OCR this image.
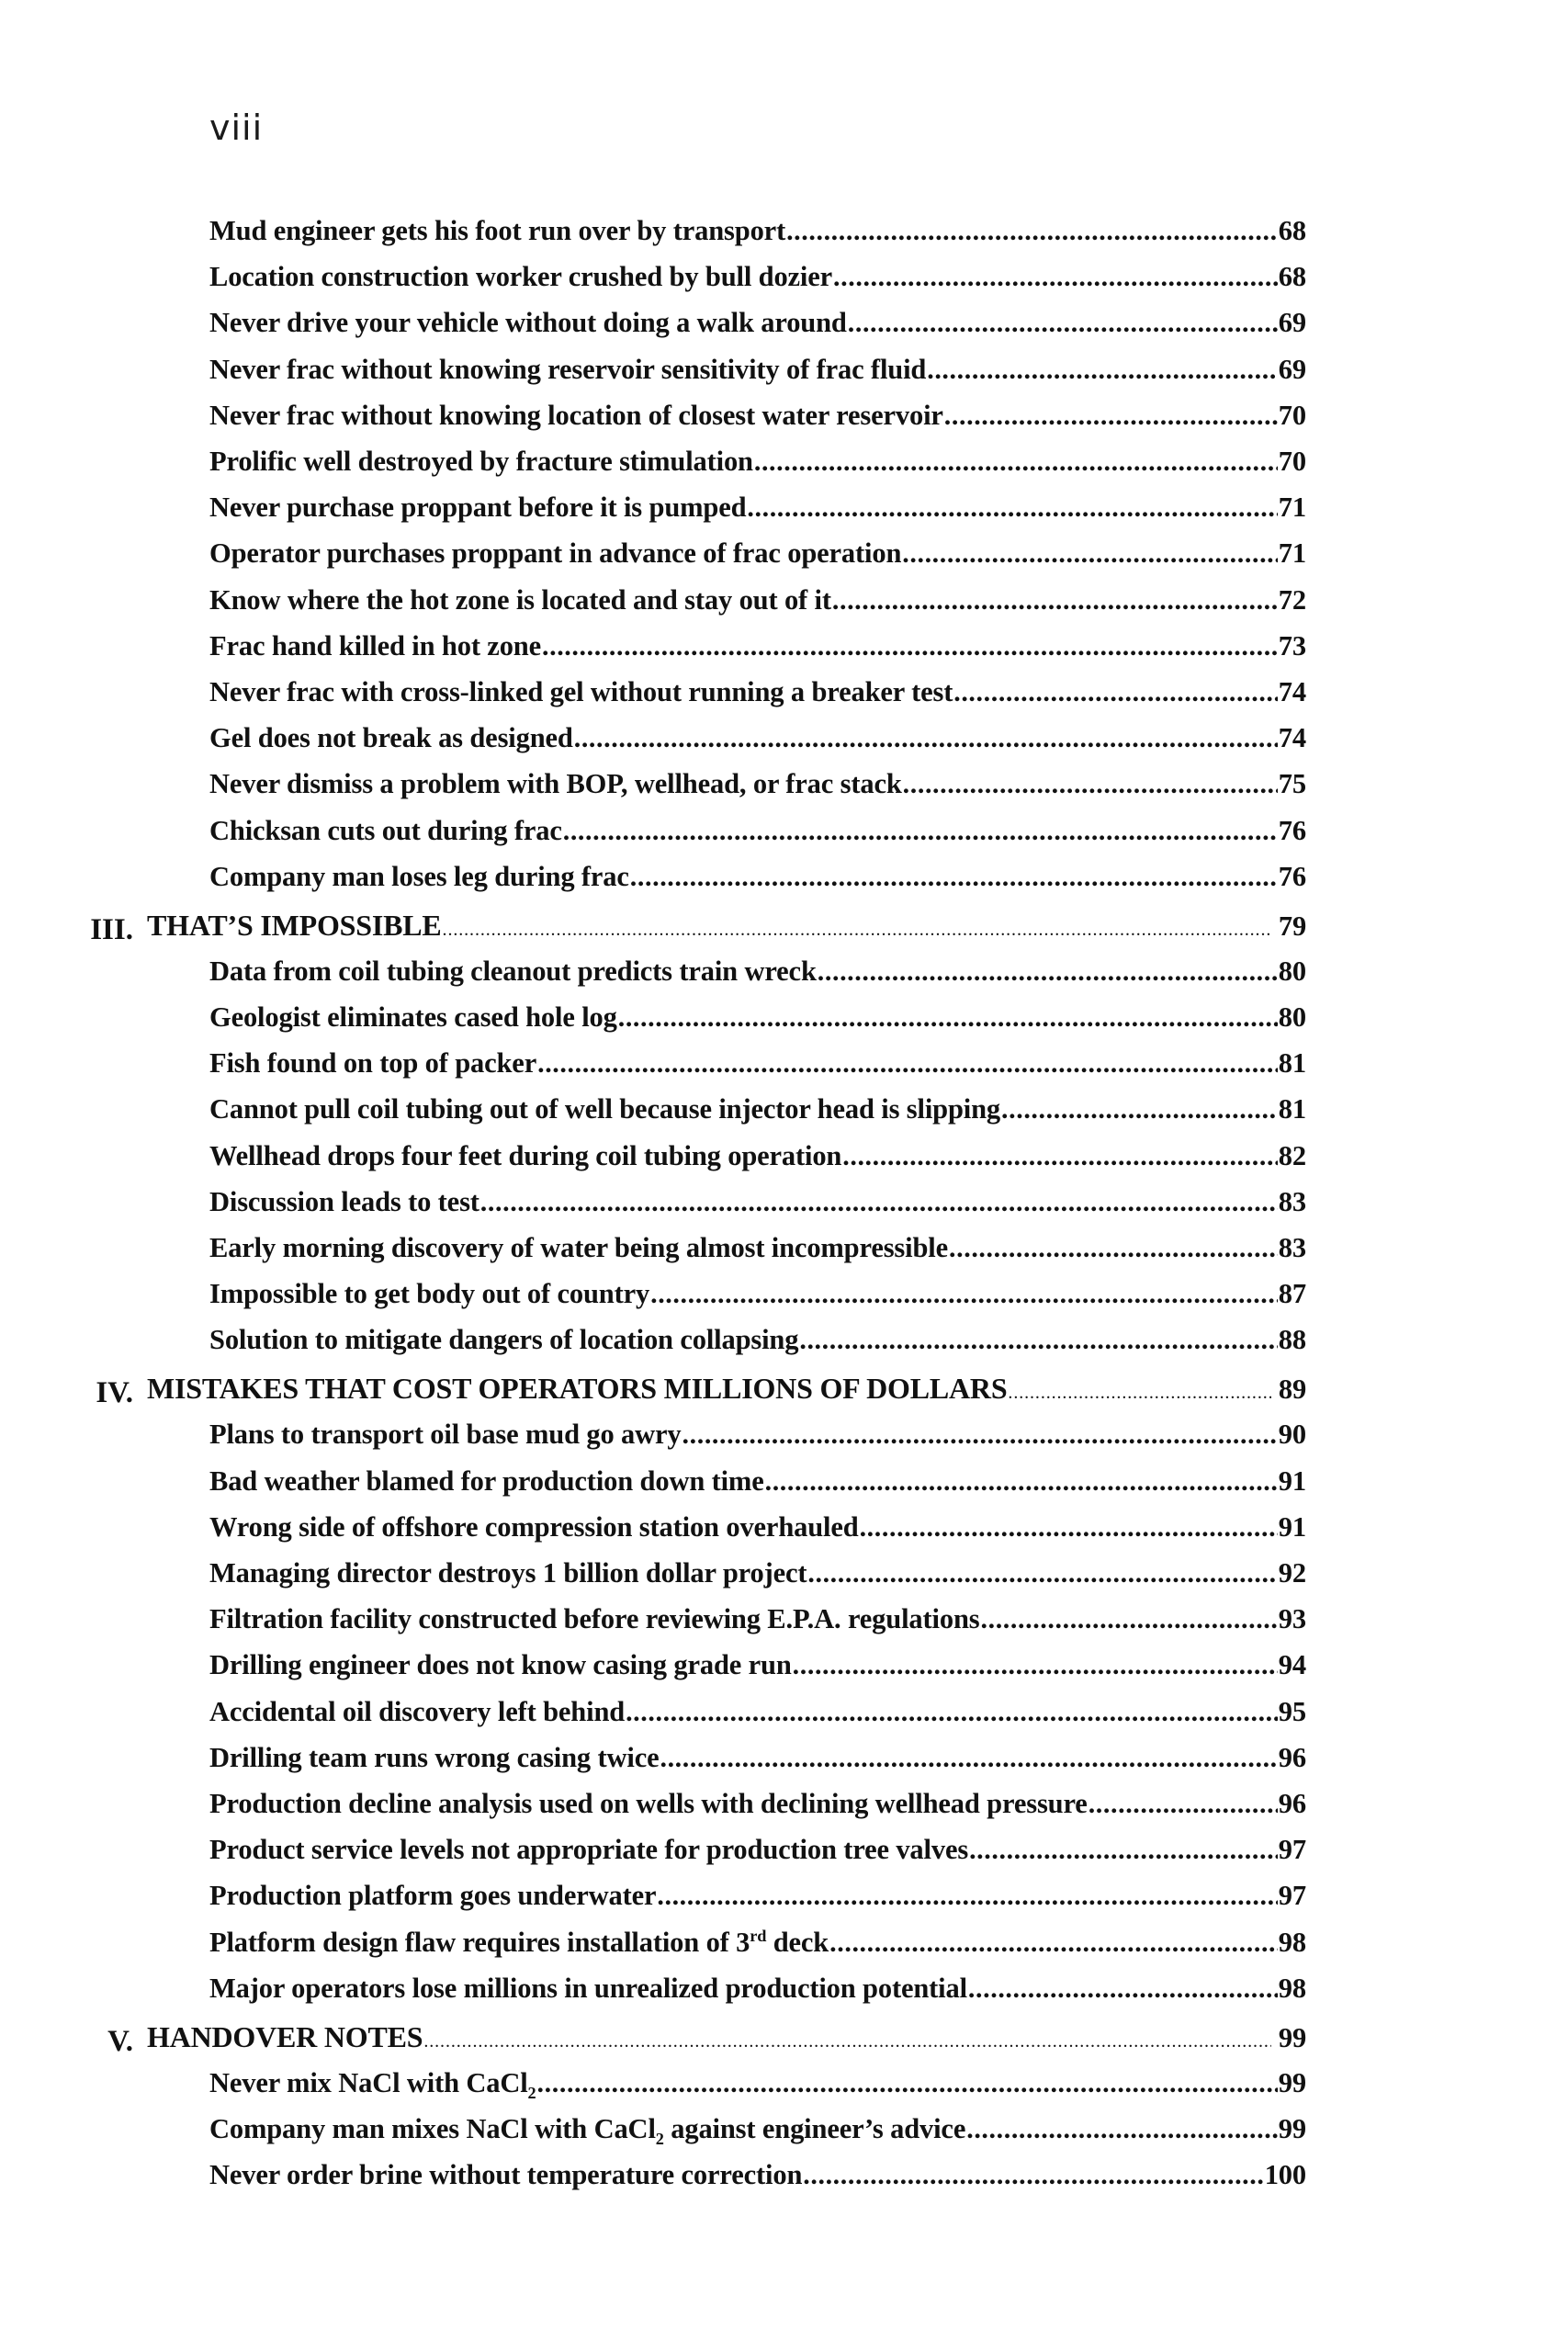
viii
Mud engineer gets his foot run over by transport .....	68
Location construction worker crushed by bull dozier .....	68
Never drive your vehicle without doing a walk around .....	69
Never frac without knowing reservoir sensitivity of frac fluid .....	69
Never frac without knowing location of closest water reservoir .....	70
Prolific well destroyed by fracture stimulation .....	70
Never purchase proppant before it is pumped .....	71
Operator purchases proppant in advance of frac operation .....	71
Know where the hot zone is located and stay out of it .....	72
Frac hand killed in hot zone .....	73
Never frac with cross-linked gel without running a breaker test .....	74
Gel does not break as designed .....	74
Never dismiss a problem with BOP, wellhead, or frac stack .....	75
Chicksan cuts out during frac .....	76
Company man loses leg during frac .....	76
III. THAT’S IMPOSSIBLE .....	79
Data from coil tubing cleanout predicts train wreck .....	80
Geologist eliminates cased hole log .....	80
Fish found on top of packer .....	81
Cannot pull coil tubing out of well because injector head is slipping .....	81
Wellhead drops four feet during coil tubing operation .....	82
Discussion leads to test .....	83
Early morning discovery of water being almost incompressible .....	83
Impossible to get body out of country .....	87
Solution to mitigate dangers of location collapsing .....	88
IV. MISTAKES THAT COST OPERATORS MILLIONS OF DOLLARS .....	89
Plans to transport oil base mud go awry .....	90
Bad weather blamed for production down time .....	91
Wrong side of offshore compression station overhauled .....	91
Managing director destroys 1 billion dollar project .....	92
Filtration facility constructed before reviewing E.P.A. regulations .....	93
Drilling engineer does not know casing grade run .....	94
Accidental oil discovery left behind .....	95
Drilling team runs wrong casing twice .....	96
Production decline analysis used on wells with declining wellhead pressure .....	96
Product service levels not appropriate for production tree valves .....	97
Production platform goes underwater .....	97
Platform design flaw requires installation of 3rd deck .....	98
Major operators lose millions in unrealized production potential .....	98
V. HANDOVER NOTES .....	99
Never mix NaCl with CaCl$_2$ .....	99
Company man mixes NaCl with CaCl$_2$ against engineer’s advice .....	99
Never order brine without temperature correction .....	100
